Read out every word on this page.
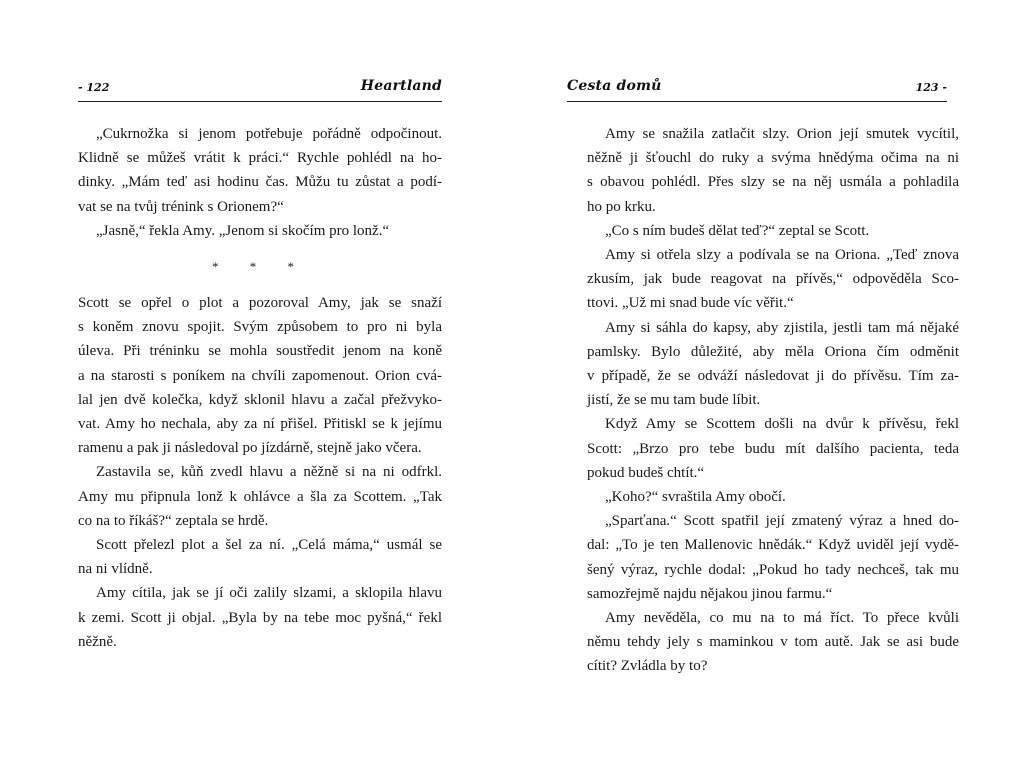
- 122	Heartland
„Cukrnožka si jenom potřebuje pořádně odpočinout.
Klidně se můžeš vrátit k práci.“ Rychle pohlédl na ho-
dinky. „Mám teď asi hodinu čas. Můžu tu zůstat a podí-
vat se na tvůj trénink s Orionem?“
„Jasně,“ řekla Amy. „Jenom si skočím pro lonž.“
* * *
Scott se opřel o plot a pozoroval Amy, jak se snaží
s koněm znovu spojit. Svým způsobem to pro ni byla
úleva. Při tréninku se mohla soustředit jenom na koně
a na starosti s poníkem na chvíli zapomenout. Orion cvá-
lal jen dvě kolečka, když sklonil hlavu a začal přežvyko-
vat. Amy ho nechala, aby za ní přišel. Přitiskl se k jejímu
ramenu a pak ji následoval po jízdárně, stejně jako včera.
Zastavila se, kůň zvedl hlavu a něžně si na ni odfrkl.
Amy mu připnula lonž k ohlávce a šla za Scottem. „Tak
co na to říkáš?“ zeptala se hrdě.
Scott přelezl plot a šel za ní. „Celá máma,“ usmál se
na ni vlídně.
Amy cítila, jak se jí oči zalily slzami, a sklopila hlavu
k zemi. Scott ji objal. „Byla by na tebe moc pyšná,“ řekl
něžně.
Cesta domů	123 -
Amy se snažila zatlačit slzy. Orion její smutek vycítil,
něžně ji šťouchl do ruky a svýma hnědýma očima na ni
s obavou pohlédl. Přes slzy se na něj usmála a pohladila
ho po krku.
„Co s ním budeš dělat teď?“ zeptal se Scott.
Amy si otřela slzy a podívala se na Oriona. „Teď znova
zkusím, jak bude reagovat na přívěs,“ odpověděla Sco-
ttovi. „Už mi snad bude víc věřit.“
Amy si sáhla do kapsy, aby zjistila, jestli tam má nějaké
pamlsky. Bylo důležité, aby měla Oriona čím odměnit
v případě, že se odváží následovat ji do přívěsu. Tím za-
jistí, že se mu tam bude líbit.
Když Amy se Scottem došli na dvůr k přívěsu, řekl
Scott: „Brzo pro tebe budu mít dalšího pacienta, teda
pokud budeš chtít.“
„Koho?“ svraštila Amy obočí.
„Sparťana.“ Scott spatřil její zmatený výraz a hned do-
dal: „To je ten Mallenovic hnědák.“ Když uviděl její vydě-
šený výraz, rychle dodal: „Pokud ho tady nechceš, tak mu
samozřejmě najdu nějakou jinou farmu.“
Amy nevěděla, co mu na to má říct. To přece kvůli
němu tehdy jely s maminkou v tom autě. Jak se asi bude
cítit? Zvládla by to?
